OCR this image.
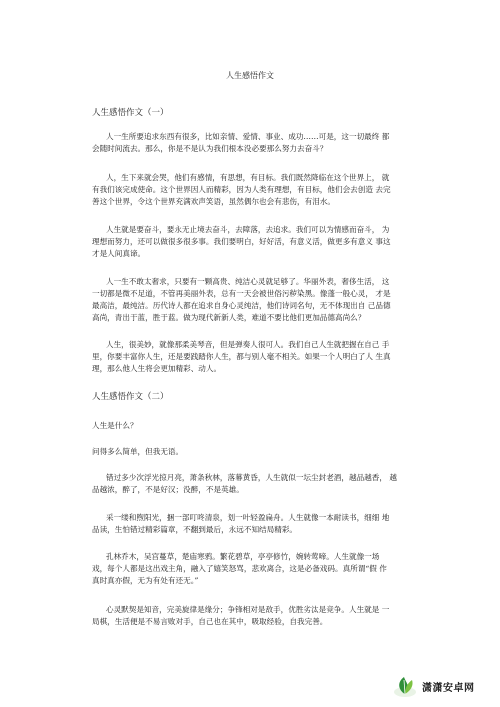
人生感悟作文
人生感悟作文（一）
人一生所要追求东西有很多，比如亲情、爱情、事业、成功……可是，这一切最终 都
会随时间流去。那么，你是不是认为我们根本没必要那么努力去奋斗？
人，生下来就会哭，他们有感情，有思想，有目标。我们既然降临在这个世界上， 就
有我们该完成使命。这个世界因人而精彩，因为人类有理想，有目标，他们会去创造 去完
善这个世界，令这个世界充满欢声笑语，虽然偶尔也会有悲伤，有泪水。
人生就是要奋斗，要永无止境去奋斗，去障落，去追求。我们可以为情感而奋斗， 为
理想而努力，还可以做很多很多事。我们要明白，好好活，有意义活，做更多有意义 事这
才是人间真谛。
人一生不敢太奢求，只要有一颗高贵、纯洁心灵就足够了。华丽外表，奢侈生活， 这
一切都是微不足道，不管再美丽外表，总有一天会被世俗污秽染黑。像蓬一般心灵， 才是
最高洁，最纯洁。历代诗人都在追求自身心灵纯洁，他们诗词名句，无不体现出自 己品德
高尚，青出于蓝，胜于蓝。做为现代新新人类，难道不要比他们更加品德高尚么？
人生，很美妙，就像那柔美琴音，但是弹奏人很可人。我们自己人生就把握在自己 手
里，你要丰富你人生，还是要践踏你人生，都与别人毫不相关。如果一个人明白了人 生真
理，那么他人生将会更加精彩、动人。
人生感悟作文（二）
人生是什么？
问得多么简单，但我无语。
错过多少次浮光掠月亮，萧条秋林，落幕黄昏，人生就似一坛尘封老酒，越品越香， 越
品越浓，醉了，不是好汉；没醉，不是英雄。
采一缕和煦阳光，捆一部叮咚清泉，划一叶轻盈扁舟。人生就像一本耐读书，细细 地
品读，生怕错过精彩篇章，不翻到最后，永远不知结局精彩。
孔林乔木，吴宫蔓草，楚庙寒鸦。繁花碧草，亭亭修竹，婉转莺啼。人生就像一场
戏，每个人都是这出戏主角，融入了嬉笑怒骂，悲欢离合，这是必备戏码。真所谓“假 作
真时真亦假，无为有处有还无。”
心灵默契是知音，完美旋律是缘分；争锋相对是敌手，优胜劣汰是竞争。人生就是 一
局棋，生活便是不易言败对手，自己也在其中，吸取经验，自我完善。
潇潇安卓网
